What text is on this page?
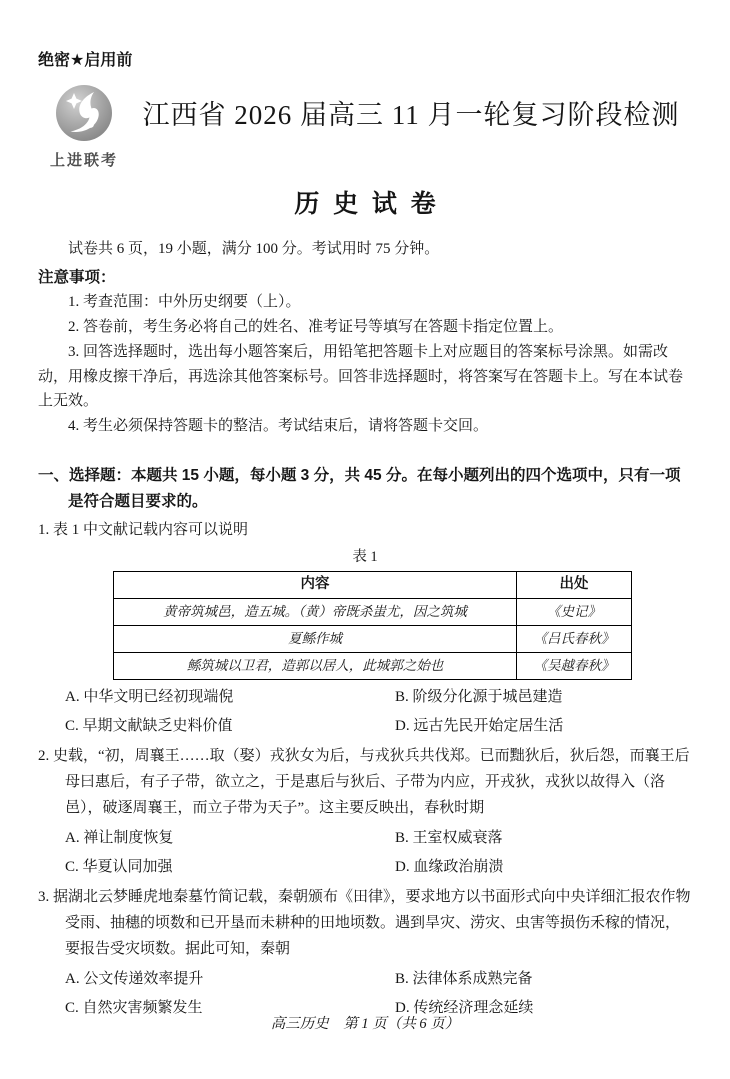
绝密★启用前
上进联考
江西省 2026 届高三 11 月一轮复习阶段检测
历史试卷

试卷共 6 页，19 小题，满分 100 分。考试用时 75 分钟。

注意事项：

1. 考查范围：中外历史纲要（上）。

2. 答卷前，考生务必将自己的姓名、准考证号等填写在答题卡指定位置上。

3. 回答选择题时，选出每小题答案后，用铅笔把答题卡上对应题目的答案标号涂黑。如需改动，用橡皮擦干净后，再选涂其他答案标号。回答非选择题时，将答案写在答题卡上。写在本试卷上无效。

4. 考生必须保持答题卡的整洁。考试结束后，请将答题卡交回。

一、选择题：本题共 15 小题，每小题 3 分，共 45 分。在每小题列出的四个选项中，只有一项是符合题目要求的。
1. 表 1 中文献记载内容可以说明
表 1
内容	出处
黄帝筑城邑，造五城。（黄）帝既杀蚩尤，因之筑城	《史记》
夏鲧作城	《吕氏春秋》
鲧筑城以卫君，造郭以居人，此城郭之始也	《吴越春秋》
A. 中华文明已经初现端倪	B. 阶级分化源于城邑建造
C. 早期文献缺乏史料价值	D. 远古先民开始定居生活
2. 史载，“初，周襄王……取（娶）戎狄女为后，与戎狄兵共伐郑。已而黜狄后，狄后怨，而襄王后母曰惠后，有子子带，欲立之，于是惠后与狄后、子带为内应，开戎狄，戎狄以故得入（洛邑），破逐周襄王，而立子带为天子”。这主要反映出，春秋时期
A. 禅让制度恢复	B. 王室权威衰落
C. 华夏认同加强	D. 血缘政治崩溃
3. 据湖北云梦睡虎地秦墓竹简记载，秦朝颁布《田律》，要求地方以书面形式向中央详细汇报农作物受雨、抽穗的顷数和已开垦而未耕种的田地顷数。遇到旱灾、涝灾、虫害等损伤禾稼的情况，要报告受灾顷数。据此可知，秦朝
A. 公文传递效率提升	B. 法律体系成熟完备
C. 自然灾害频繁发生	D. 传统经济理念延续
高三历史　第 1 页（共 6 页）
